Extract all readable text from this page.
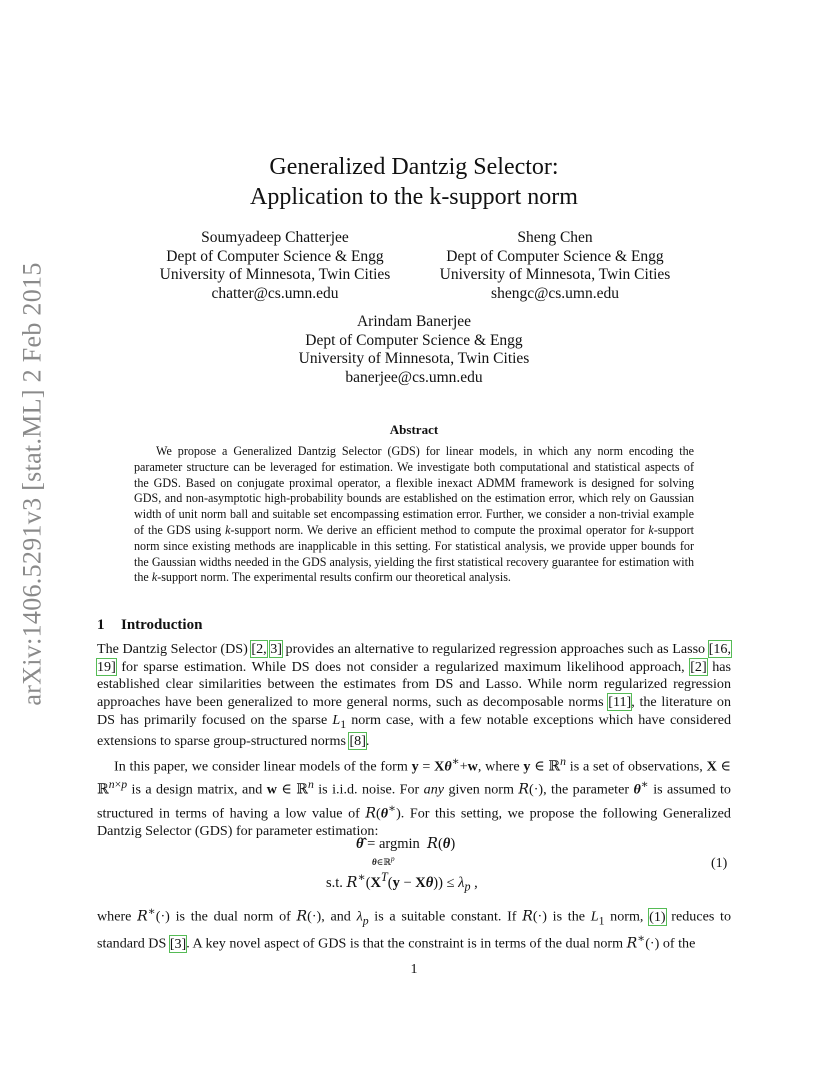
arXiv:1406.5291v3 [stat.ML] 2 Feb 2015
Generalized Dantzig Selector:
Application to the k-support norm
Soumyadeep Chatterjee
Dept of Computer Science & Engg
University of Minnesota, Twin Cities
chatter@cs.umn.edu
Sheng Chen
Dept of Computer Science & Engg
University of Minnesota, Twin Cities
shengc@cs.umn.edu
Arindam Banerjee
Dept of Computer Science & Engg
University of Minnesota, Twin Cities
banerjee@cs.umn.edu
Abstract

We propose a Generalized Dantzig Selector (GDS) for linear models, in which any norm encoding the parameter structure can be leveraged for estimation. We investigate both computational and statistical aspects of the GDS. Based on conjugate proximal operator, a flexible inexact ADMM framework is designed for solving GDS, and non-asymptotic high-probability bounds are established on the estimation error, which rely on Gaussian width of unit norm ball and suitable set encompassing estimation error. Further, we consider a non-trivial example of the GDS using k-support norm. We derive an efficient method to compute the proximal operator for k-support norm since existing methods are inapplicable in this setting. For statistical analysis, we provide upper bounds for the Gaussian widths needed in the GDS analysis, yielding the first statistical recovery guarantee for estimation with the k-support norm. The experimental results confirm our theoretical analysis.

1 Introduction

The Dantzig Selector (DS) [2, 3] provides an alternative to regularized regression approaches such as Lasso [16, 19] for sparse estimation. While DS does not consider a regularized maximum likelihood approach, [2] has established clear similarities between the estimates from DS and Lasso. While norm regularized regression approaches have been generalized to more general norms, such as decomposable norms [11], the literature on DS has primarily focused on the sparse $L_1$ norm case, with a few notable exceptions which have considered extensions to sparse group-structured norms [8].

In this paper, we consider linear models of the form y = Xθ∗+w, where y ∈ ℝ$^n$ is a set of observations, X ∈ ℝ$^{n\times p}$ is a design matrix, and w ∈ ℝ$^n$ is i.i.d. noise. For any given norm R(·), the parameter θ∗ is assumed to structured in terms of having a low value of R(θ∗). For this setting, we propose the following Generalized Dantzig Selector (GDS) for parameter estimation:

θ̂ = argmin R(θ)
θ∈ℝ$^p$
s.t. $R^∗(X^T(y - X\theta)) \le \lambda_p$ ,
(1)

where R∗(·) is the dual norm of R(·), and $\lambda_p$ is a suitable constant. If R(·) is the $L_1$ norm, (1) reduces to standard DS [3]. A key novel aspect of GDS is that the constraint is in terms of the dual norm R∗(·) of the

1
